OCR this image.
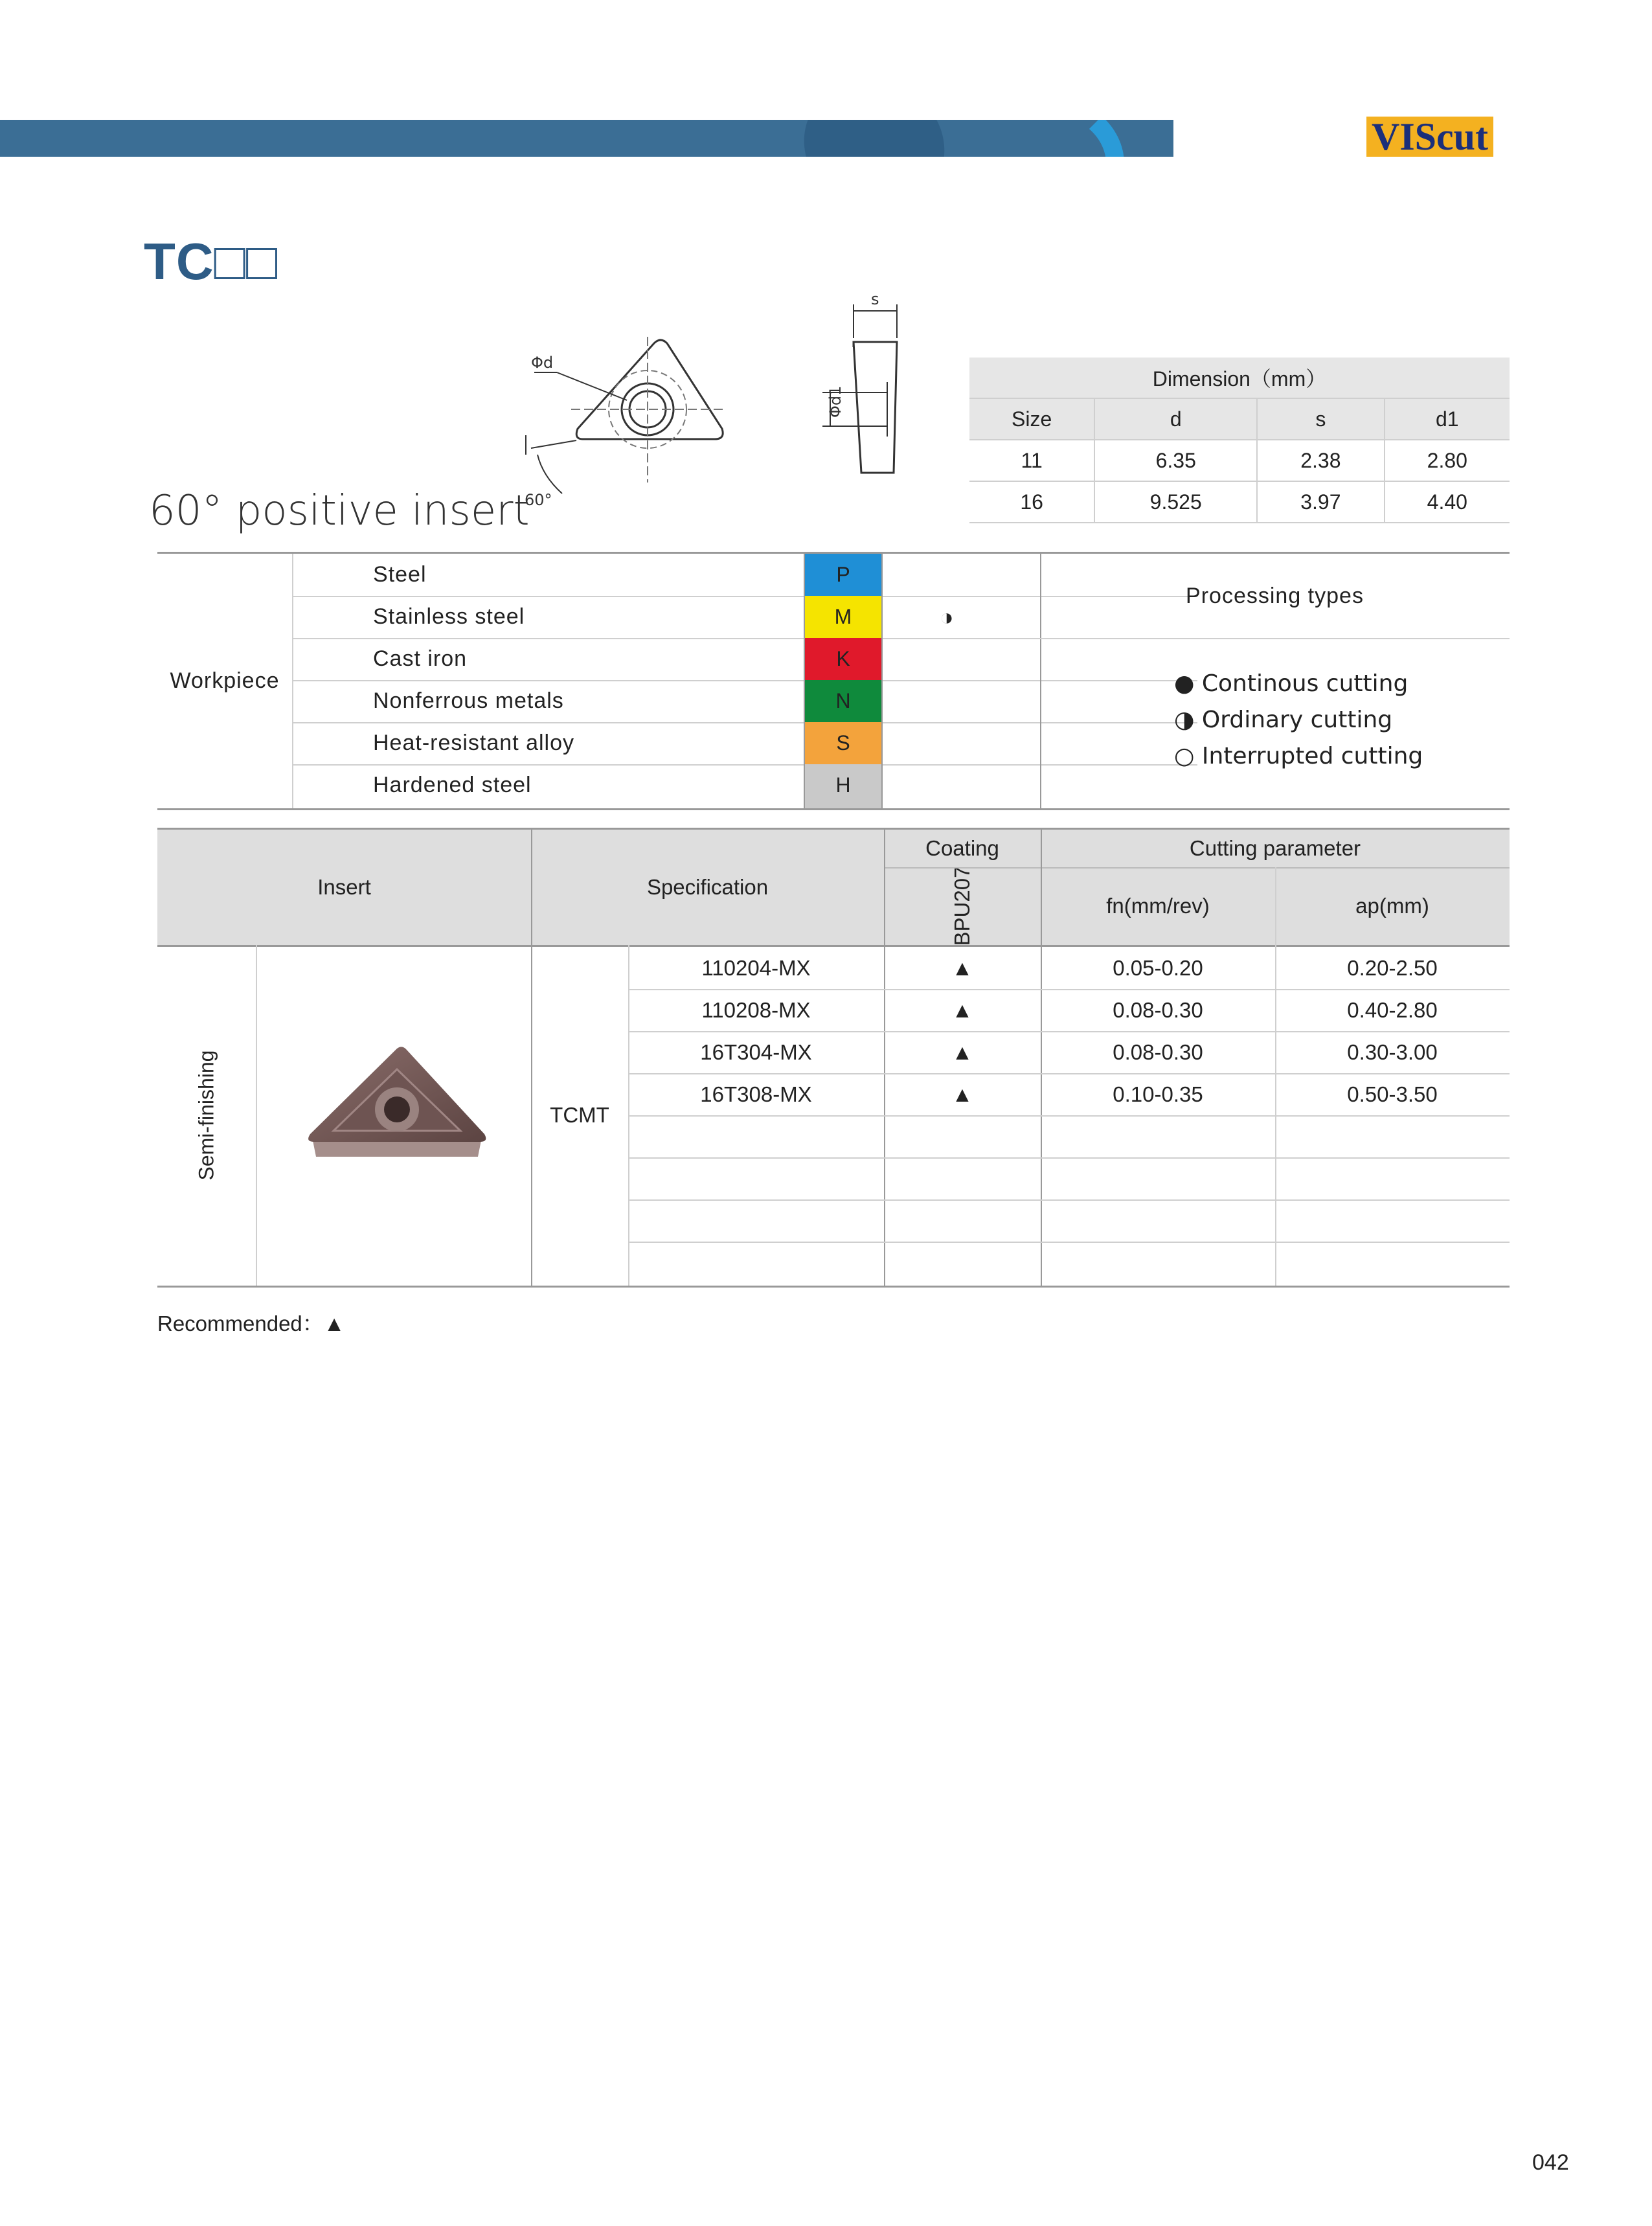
VIScut
TC□□
60° positive insert
Φd
60°
s
Φd1
Dimension（mm）			
Size	d	s	d1
11	6.35	2.38	2.80
16	9.525	3.97	4.40
Workpiece
Steel	P
Stainless steel	M	◑
Cast iron	K
Nonferrous metals	N
Heat-resistant alloy	S
Hardened steel	H
Processing types
● Continous cutting
◑ Ordinary cutting
○ Interrupted cutting
Insert	Specification
Coating
BPU207
Cutting parameter
fn(mm/rev)	ap(mm)
Semi-finishing	TCMT
110204-MX	▲	0.05-0.20	0.20-2.50
110208-MX	▲	0.08-0.30	0.40-2.80
16T304-MX	▲	0.08-0.30	0.30-3.00
16T308-MX	▲	0.10-0.35	0.50-3.50
Recommended：▲
042
